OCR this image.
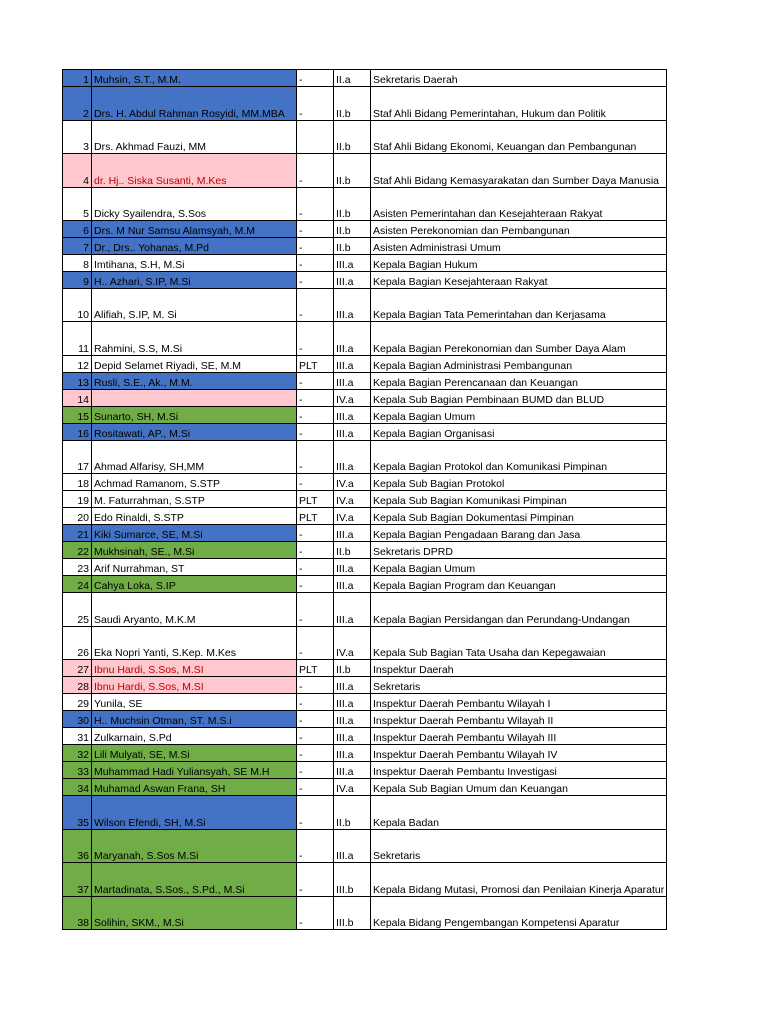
1	Muhsin, S.T., M.M.	-	II.a	Sekretaris Daerah
2	Drs. H. Abdul Rahman Rosyidi, MM.MBA	-	II.b	Staf Ahli Bidang Pemerintahan, Hukum dan Politik
3	Drs. Akhmad Fauzi, MM		II.b	Staf Ahli Bidang Ekonomi, Keuangan dan Pembangunan
4	dr. Hj.. Siska Susanti, M.Kes	-	II.b	Staf Ahli Bidang Kemasyarakatan dan Sumber Daya Manusia
5	Dicky Syailendra, S.Sos	-	II.b	Asisten Pemerintahan dan Kesejahteraan Rakyat
6	Drs. M Nur Samsu Alamsyah, M.M	-	II.b	Asisten Perekonomian dan Pembangunan
7	Dr., Drs.. Yohanas, M.Pd	-	II.b	Asisten Administrasi Umum
8	Imtihana, S.H, M.Si	-	III.a	Kepala Bagian Hukum
9	H.. Azhari, S.IP, M.Si	-	III.a	Kepala Bagian Kesejahteraan Rakyat
10	Alifiah, S.IP, M. Si	-	III.a	Kepala Bagian Tata Pemerintahan dan Kerjasama
11	Rahmini, S.S, M.Si	-	III.a	Kepala Bagian Perekonomian dan Sumber Daya Alam
12	Depid Selamet Riyadi, SE, M.M	PLT	III.a	Kepala Bagian Administrasi Pembangunan
13	Rusli, S.E., Ak., M.M.	-	III.a	Kepala Bagian Perencanaan dan Keuangan
14		-	IV.a	Kepala Sub Bagian Pembinaan BUMD dan BLUD
15	Sunarto, SH, M.Si	-	III.a	Kepala Bagian Umum
16	Rositawati, AP., M.Si	-	III.a	Kepala Bagian Organisasi
17	Ahmad Alfarisy, SH,MM	-	III.a	Kepala Bagian Protokol dan Komunikasi Pimpinan
18	Achmad Ramanom, S.STP	-	IV.a	Kepala Sub Bagian Protokol
19	M. Faturrahman, S.STP	PLT	IV.a	Kepala Sub Bagian Komunikasi Pimpinan
20	Edo Rinaldi, S.STP	PLT	IV.a	Kepala Sub Bagian Dokumentasi Pimpinan
21	Kiki Sumarce, SE, M.Si	-	III.a	Kepala Bagian Pengadaan Barang dan Jasa
22	Mukhsinah, SE., M.Si	-	II.b	Sekretaris DPRD
23	Arif Nurrahman, ST	-	III.a	Kepala Bagian Umum
24	Cahya Loka, S.IP	-	III.a	Kepala Bagian Program dan Keuangan
25	Saudi Aryanto, M.K.M	-	III.a	Kepala Bagian Persidangan dan Perundang-Undangan
26	Eka Nopri Yanti, S.Kep. M.Kes	-	IV.a	Kepala Sub Bagian Tata Usaha dan Kepegawaian
27	Ibnu Hardi, S.Sos, M.SI	PLT	II.b	Inspektur Daerah
28	Ibnu Hardi, S.Sos, M.SI	-	III.a	Sekretaris
29	Yunila, SE	-	III.a	Inspektur Daerah Pembantu Wilayah I
30	H.. Muchsin Otman, ST. M.S.i	-	III.a	Inspektur Daerah Pembantu Wilayah II
31	Zulkarnain, S.Pd	-	III.a	Inspektur Daerah Pembantu Wilayah III
32	Lili Mulyati, SE, M.Si	-	III.a	Inspektur Daerah Pembantu Wilayah IV
33	Muhammad Hadi Yuliansyah, SE M.H	-	III.a	Inspektur Daerah Pembantu Investigasi
34	Muhamad Aswan Frana, SH	-	IV.a	Kepala Sub Bagian Umum dan Keuangan
35	Wilson Efendi, SH, M.Si	-	II.b	Kepala Badan
36	Maryanah, S.Sos M.Si	-	III.a	Sekretaris
37	Martadinata, S.Sos., S.Pd., M.Si	-	III.b	Kepala Bidang Mutasi, Promosi dan Penilaian Kinerja Aparatur
38	Solihin, SKM., M.Si	-	III.b	Kepala Bidang Pengembangan Kompetensi Aparatur
